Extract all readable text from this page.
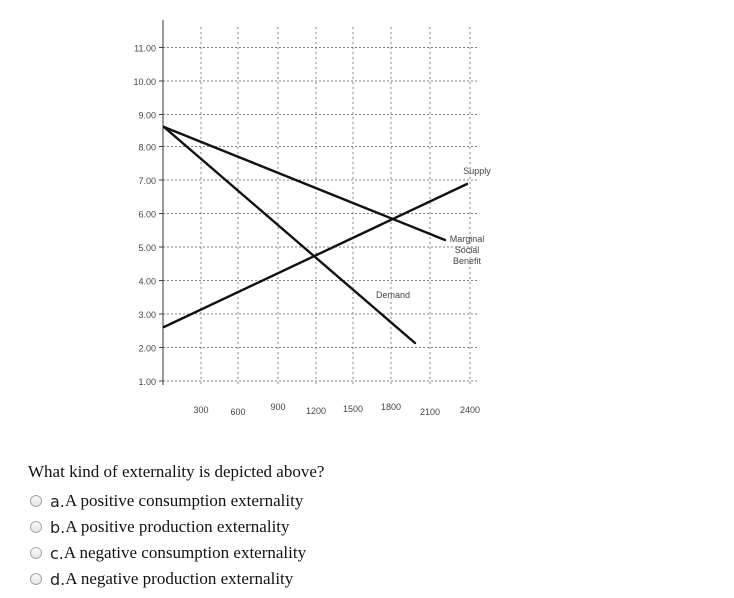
11.00
10.00
9.00
8.00
7.00
6.00
5.00
4.00
3.00
2.00
1.00
300 600	900 1200 1500 1800 2100 2400
Demand
Marginal
Social
Benefit
Supply
What kind of externality is depicted above?
a. A positive consumption externality
b. A positive production externality
c. A negative consumption externality
d. A negative production externality
